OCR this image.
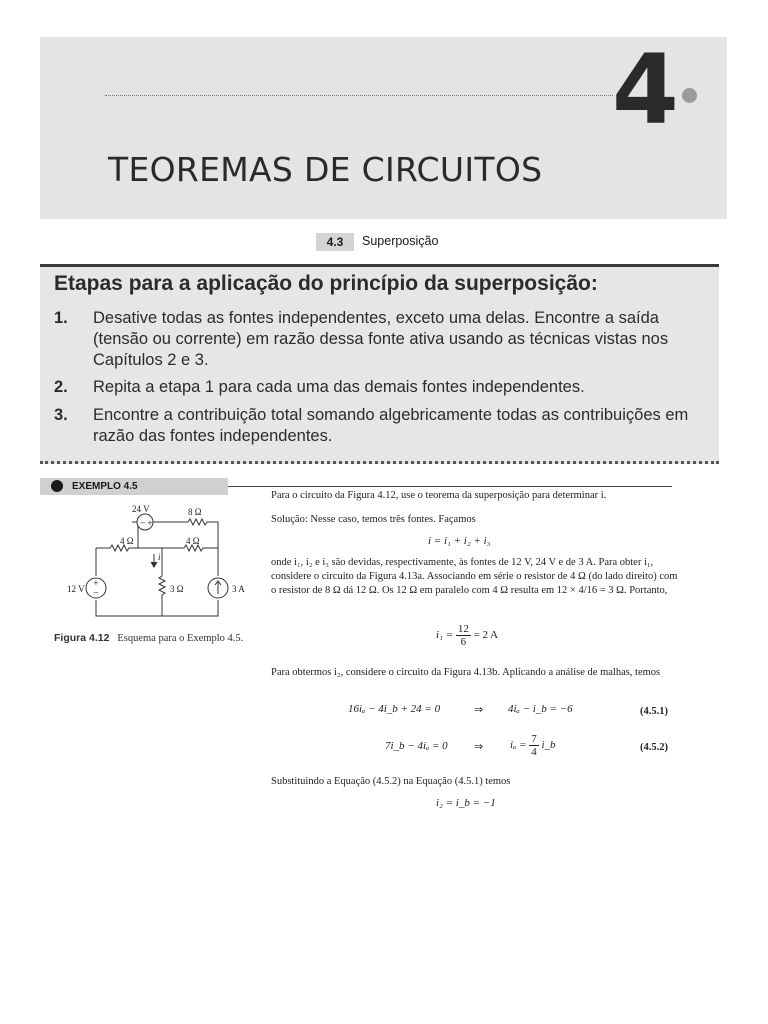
4
TEOREMAS DE CIRCUITOS
4.3	Superposição
Etapas para a aplicação do princípio da superposição:
1. Desative todas as fontes independentes, exceto uma delas. Encontre a saída (tensão ou corrente) em razão dessa fonte ativa usando as técnicas vistas nos Capítulos 2 e 3.
2. Repita a etapa 1 para cada uma das demais fontes independentes.
3. Encontre a contribuição total somando algebricamente todas as contribuições em razão das fontes independentes.
EXEMPLO 4.5
− +
+
−
24 V	8 Ω
4 Ω	4 Ω
3 Ω
i
12 V	3 A
Figura 4.12 Esquema para o Exemplo 4.5.
Para o circuito da Figura 4.12, use o teorema da superposição para determinar i.
Solução: Nesse caso, temos três fontes. Façamos
i = i₁ + i₂ + i₃
onde i₁, i₂ e i₃ são devidas, respectivamente, às fontes de 12 V, 24 V e de 3 A. Para obter i₁, considere o circuito da Figura 4.13a. Associando em série o resistor de 4 Ω (do lado direito) com o resistor de 8 Ω dá 12 Ω. Os 12 Ω em paralelo com 4 Ω resulta em 12 × 4/16 = 3 Ω. Portanto,
$i_1 = \frac{12}{6} = 2$ A
Para obtermos i₂, considere o circuito da Figura 4.13b. Aplicando a análise de malhas, temos
16iₐ − 4i_b + 24 = 0	⇒ 4iₐ − i_b = −6	(4.5.1)
7i_b − 4iₐ = 0 ⇒ $i_a = \frac{7}{4}$ i_b	(4.5.2)
Substituindo a Equação (4.5.2) na Equação (4.5.1) temos
i₂ = i_b = −1
